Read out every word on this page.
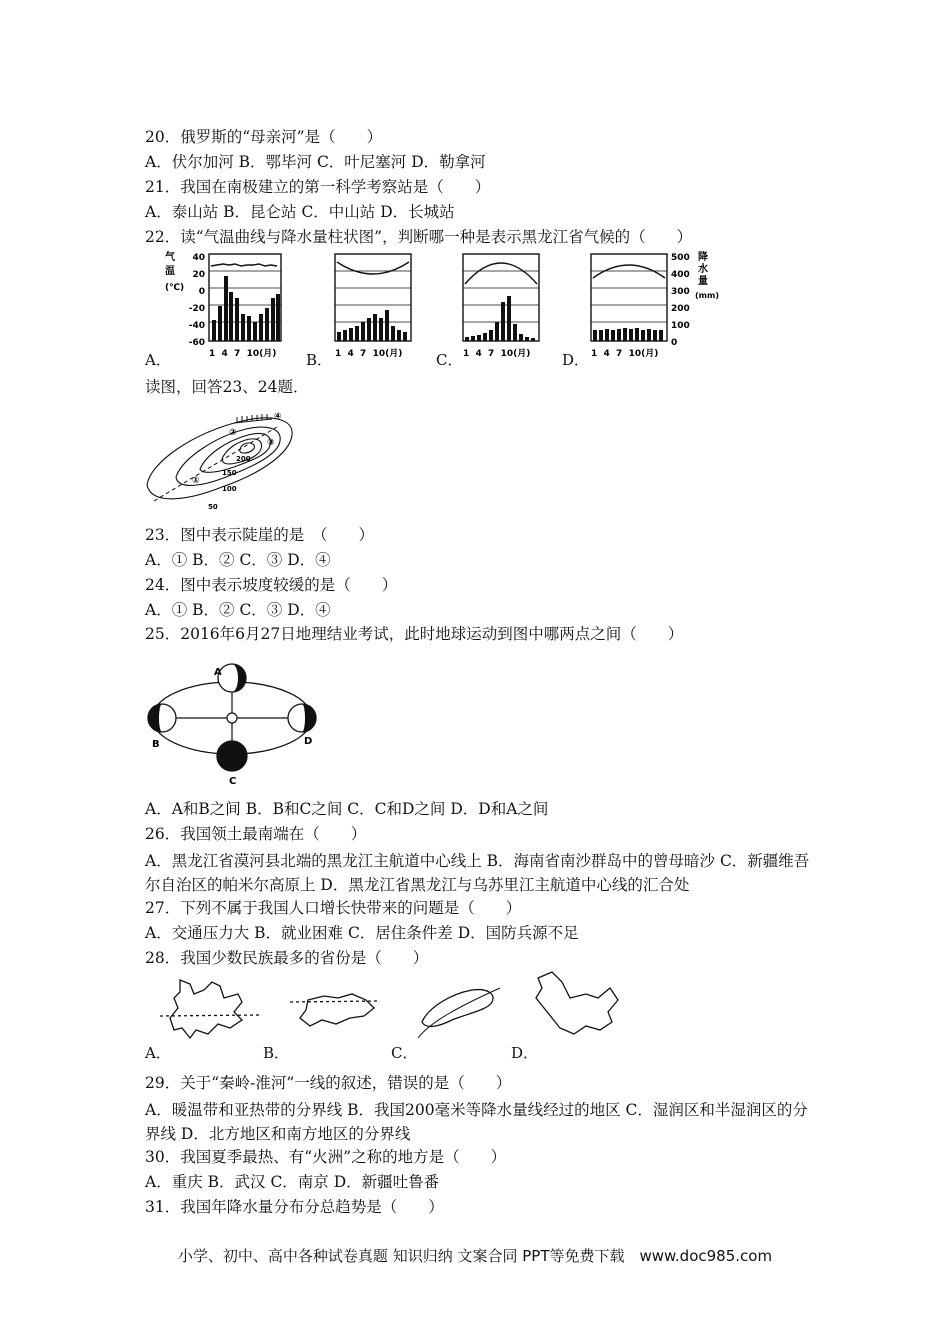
20．俄罗斯的“母亲河”是（　　）
A．伏尔加河 B．鄂毕河 C．叶尼塞河 D．勒拿河
21．我国在南极建立的第一科学考察站是（　　）
A．泰山站 B．昆仑站 C．中山站 D．长城站
22．读“气温曲线与降水量柱状图”，判断哪一种是表示黑龙江省气候的（　　）
气
温
(℃)
40
20
0
-20
-40
-60
1  4  7  10(月)	1  4  7  10(月)	1  4  7  10(月)	1  4  7  10(月)
500
400
300
200
100
0
降
水
量
(mm)
A．	B．	C．	D．
读图，回答23、24题．
④
②
③
①
200
150
100
50
23．图中表示陡崖的是　（　　）
A．① B．② C．③ D．④
24．图中表示坡度较缓的是（　　）
A．① B．② C．③ D．④
25．2016年6月27日地理结业考试，此时地球运动到图中哪两点之间（　　）
A
B
C
D
A．A和B之间 B．B和C之间 C．C和D之间 D．D和A之间
26．我国领土最南端在（　　）
A．黑龙江省漠河县北端的黑龙江主航道中心线上 B．海南省南沙群岛中的曾母暗沙 C．新疆维吾尔自治区的帕米尔高原上 D．黑龙江省黑龙江与乌苏里江主航道中心线的汇合处
27．下列不属于我国人口增长快带来的问题是（　　）
A．交通压力大 B．就业困难 C．居住条件差 D．国防兵源不足
28．我国少数民族最多的省份是（　　）
A．	B．	C．	D．
29．关于“秦岭-淮河”一线的叙述，错误的是（　　）
A．暖温带和亚热带的分界线 B．我国200毫米等降水量线经过的地区 C．湿润区和半湿润区的分界线 D．北方地区和南方地区的分界线
30．我国夏季最热、有“火洲”之称的地方是（　　）
A．重庆 B．武汉 C．南京 D．新疆吐鲁番
31．我国年降水量分布分总趋势是（　　）
小学、初中、高中各种试卷真题 知识归纳 文案合同 PPT等免费下载　www.doc985.com
